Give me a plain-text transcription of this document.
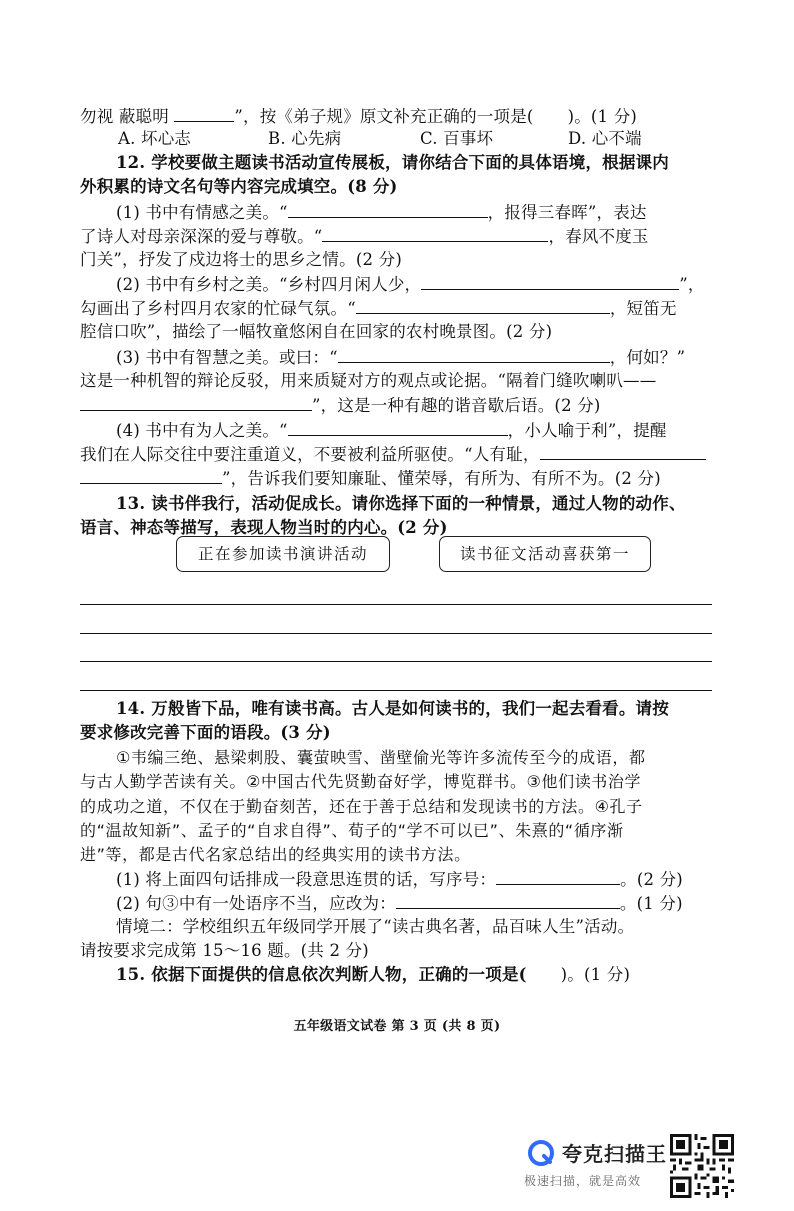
勿视 蔽聪明	”，按《弟子规》原文补充正确的一项是( )。(1 分)
A. 坏心志	B. 心先病	C. 百事坏	D. 心不端
12. 学校要做主题读书活动宣传展板，请你结合下面的具体语境，根据课内
外积累的诗文名句等内容完成填空。(8 分)
(1) 书中有情感之美。“	，报得三春晖”，表达
了诗人对母亲深深的爱与尊敬。“	，春风不度玉
门关”，抒发了戍边将士的思乡之情。(2 分)
(2) 书中有乡村之美。“乡村四月闲人少，	”，
勾画出了乡村四月农家的忙碌气氛。“	，短笛无
腔信口吹”，描绘了一幅牧童悠闲自在回家的农村晚景图。(2 分)
(3) 书中有智慧之美。或曰：“	，何如？”
这是一种机智的辩论反驳，用来质疑对方的观点或论据。“隔着门缝吹喇叭——
”，这是一种有趣的谐音歇后语。(2 分)
(4) 书中有为人之美。“	，小人喻于利”，提醒
我们在人际交往中要注重道义，不要被利益所驱使。“人有耻，
”，告诉我们要知廉耻、懂荣辱，有所为、有所不为。(2 分)
13. 读书伴我行，活动促成长。请你选择下面的一种情景，通过人物的动作、
语言、神态等描写，表现人物当时的内心。(2 分)
正在参加读书演讲活动	读书征文活动喜获第一
14. 万般皆下品，唯有读书高。古人是如何读书的，我们一起去看看。请按
要求修改完善下面的语段。(3 分)
①韦编三绝、悬梁刺股、囊萤映雪、凿壁偷光等许多流传至今的成语，都
与古人勤学苦读有关。②中国古代先贤勤奋好学，博览群书。③他们读书治学
的成功之道，不仅在于勤奋刻苦，还在于善于总结和发现读书的方法。④孔子
的“温故知新”、孟子的“自求自得”、荀子的“学不可以已”、朱熹的“循序渐
进”等，都是古代名家总结出的经典实用的读书方法。
(1) 将上面四句话排成一段意思连贯的话，写序号：	。(2 分)
(2) 句③中有一处语序不当，应改为：	。(1 分)
情境二：学校组织五年级同学开展了“读古典名著，品百味人生”活动。
请按要求完成第 15～16 题。(共 2 分)
15. 依据下面提供的信息依次判断人物，正确的一项是( )。(1 分)
五年级语文试卷 第 3 页 (共 8 页)
夸克扫描王
极速扫描，就是高效
